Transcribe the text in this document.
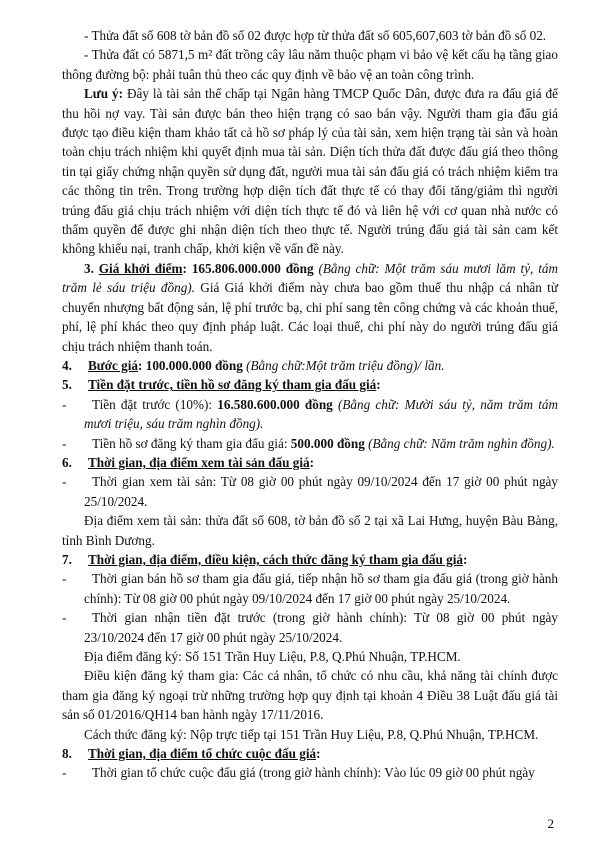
- Thửa đất số 608 tờ bản đồ số 02 được hợp từ thửa đất số 605,607,603 tờ bản đồ số 02.

- Thửa đất có 5871,5 m² đất trồng cây lâu năm thuộc phạm vi bảo vệ kết cấu hạ tầng giao thông đường bộ: phải tuân thủ theo các quy định về bảo vệ an toàn công trình.

Lưu ý: Đây là tài sản thế chấp tại Ngân hàng TMCP Quốc Dân, được đưa ra đấu giá để thu hồi nợ vay. Tài sản được bán theo hiện trạng có sao bán vậy. Người tham gia đấu giá được tạo điều kiện tham khảo tất cả hồ sơ pháp lý của tài sản, xem hiện trạng tài sản và hoàn toàn chịu trách nhiệm khi quyết định mua tài sản. Diện tích thửa đất được đấu giá theo thông tin tại giấy chứng nhận quyền sử dụng đất, người mua tài sản đấu giá có trách nhiệm kiểm tra các thông tin trên. Trong trường hợp diện tích đất thực tế có thay đổi tăng/giảm thì người trúng đấu giá chịu trách nhiệm với diện tích thực tế đó và liên hệ với cơ quan nhà nước có thẩm quyền để được ghi nhận diện tích theo thực tế. Người trúng đấu giá tài sản cam kết không khiếu nại, tranh chấp, khởi kiện về vấn đề này.

3. Giá khởi điểm: 165.806.000.000 đồng (Bằng chữ: Một trăm sáu mươi lăm tỷ, tám trăm lẻ sáu triệu đồng). Giá Giá khởi điểm này chưa bao gồm thuế thu nhập cá nhân từ chuyển nhượng bất động sản, lệ phí trước bạ, chi phí sang tên công chứng và các khoản thuế, phí, lệ phí khác theo quy định pháp luật. Các loại thuế, chi phí này do người trúng đấu giá chịu trách nhiệm thanh toán.

4.	Bước giá: 100.000.000 đồng (Bằng chữ:Một trăm triệu đồng)/ lần.
5.	Tiền đặt trước, tiền hồ sơ đăng ký tham gia đấu giá:
-	Tiền đặt trước (10%): 16.580.600.000 đồng (Bằng chữ: Mười sáu tỷ, năm trăm tám mươi triệu, sáu trăm nghìn đồng).
-	Tiền hồ sơ đăng ký tham gia đấu giá: 500.000 đồng (Bằng chữ: Năm trăm nghìn đồng).
6.	Thời gian, địa điểm xem tài sản đấu giá:
-	Thời gian xem tài sản: Từ 08 giờ 00 phút ngày 09/10/2024 đến 17 giờ 00 phút ngày 25/10/2024.

Địa điểm xem tài sản: thửa đất số 608, tờ bản đồ số 2 tại xã Lai Hưng, huyện Bàu Bàng, tỉnh Bình Dương.

7.	Thời gian, địa điểm, điều kiện, cách thức đăng ký tham gia đấu giá:
-	Thời gian bán hồ sơ tham gia đấu giá, tiếp nhận hồ sơ tham gia đấu giá (trong giờ hành chính): Từ 08 giờ 00 phút ngày 09/10/2024 đến 17 giờ 00 phút ngày 25/10/2024.
-	Thời gian nhận tiền đặt trước (trong giờ hành chính): Từ 08 giờ 00 phút ngày 23/10/2024 đến 17 giờ 00 phút ngày 25/10/2024.

Địa điểm đăng ký: Số 151 Trần Huy Liệu, P.8, Q.Phú Nhuận, TP.HCM.

Điều kiện đăng ký tham gia: Các cá nhân, tổ chức có nhu cầu, khả năng tài chính được tham gia đăng ký ngoại trừ những trường hợp quy định tại khoản 4 Điều 38 Luật đấu giá tài sản số 01/2016/QH14 ban hành ngày 17/11/2016.

Cách thức đăng ký: Nộp trực tiếp tại 151 Trần Huy Liệu, P.8, Q.Phú Nhuận, TP.HCM.

8.	Thời gian, địa điểm tổ chức cuộc đấu giá:
-	Thời gian tổ chức cuộc đấu giá (trong giờ hành chính): Vào lúc 09 giờ 00 phút ngày
2
